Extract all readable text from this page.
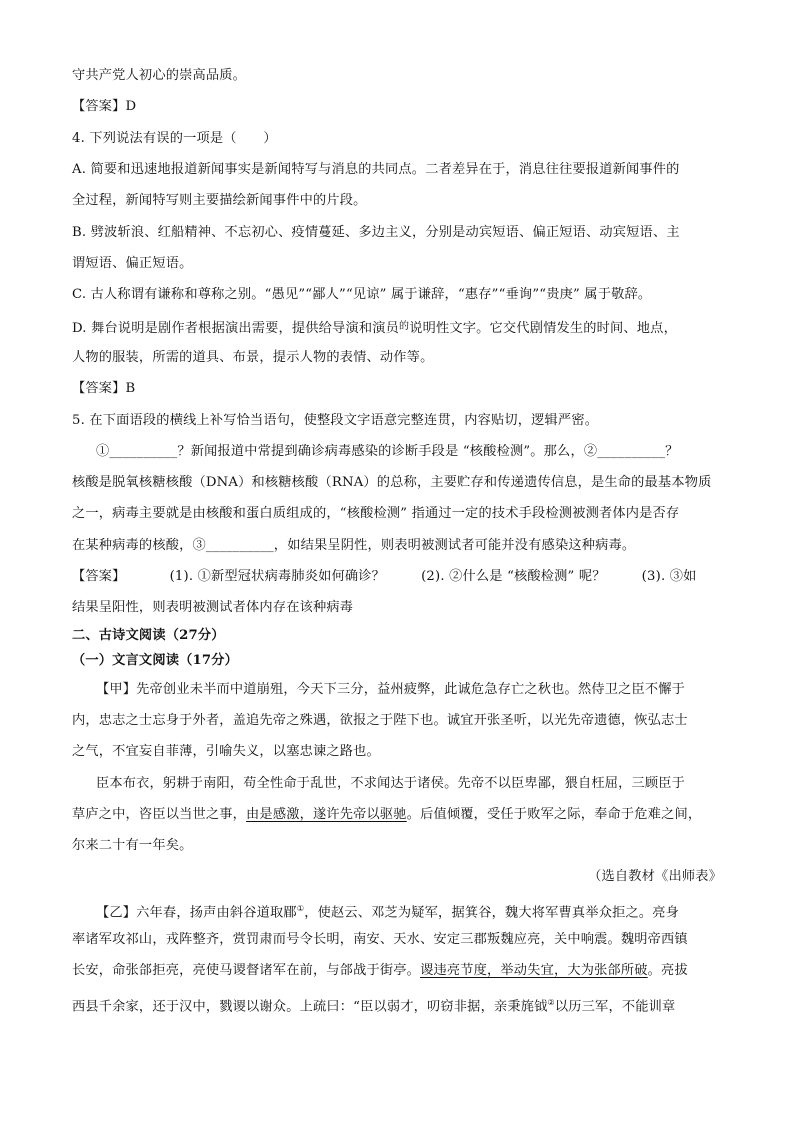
守共产党人初心的崇高品质。
【答案】D
4. 下列说法有误的一项是（　　）
A. 简要和迅速地报道新闻事实是新闻特写与消息的共同点。二者差异在于，消息往往要报道新闻事件的
全过程，新闻特写则主要描绘新闻事件中的片段。
B. 劈波斩浪、红船精神、不忘初心、疫情蔓延、多边主义，分别是动宾短语、偏正短语、动宾短语、主
谓短语、偏正短语。
C. 古人称谓有谦称和尊称之别。“愚见”“鄙人”“见谅” 属于谦辞，“惠存”“垂询”“贵庚” 属于敬辞。
D. 舞台说明是剧作者根据演出需要，提供给导演和演员$^的$说明性文字。它交代剧情发生的时间、地点，
人物的服装，所需的道具、布景，提示人物的表情、动作等。
【答案】B
5. 在下面语段的横线上补写恰当语句，使整段文字语意完整连贯，内容贴切，逻辑严密。
①__________？新闻报道中常提到确诊病毒感染的诊断手段是 “核酸检测”。那么，②__________？
核酸是脱氧核糖核酸（DNA）和核糖核酸（RNA）的总称，主要贮存和传递遗传信息，是生命的最基本物质
之一，病毒主要就是由核酸和蛋白质组成的，“核酸检测” 指通过一定的技术手段检测被测者体内是否存
在某种病毒的核酸，③__________，如结果呈阴性，则表明被测试者可能并没有感染这种病毒。
【答案】	(1). ①新型冠状病毒肺炎如何确诊？	(2). ②什么是 “核酸检测” 呢？	(3). ③如
结果呈阳性，则表明被测试者体内存在该种病毒
二、古诗文阅读（27分）
（一）文言文阅读（17分）
【甲】先帝创业未半而中道崩殂，今天下三分，益州疲弊，此诚危急存亡之秋也。然侍卫之臣不懈于
内，忠志之士忘身于外者，盖追先帝之殊遇，欲报之于陛下也。诚宜开张圣听，以光先帝遗德，恢弘志士
之气，不宜妄自菲薄，引喻失义，以塞忠谏之路也。
臣本布衣，躬耕于南阳，苟全性命于乱世，不求闻达于诸侯。先帝不以臣卑鄙，猥自枉屈，三顾臣于
草庐之中，咨臣以当世之事，由是感激，遂许先帝以驱驰。后值倾覆，受任于败军之际，奉命于危难之间，
尔来二十有一年矣。
（选自教材《出师表》
【乙】六年春，扬声由斜谷道取郿①，使赵云、邓芝为疑军，据箕谷，魏大将军曹真举众拒之。亮身
率诸军攻祁山，戎阵整齐，赏罚肃而号令长明，南安、天水、安定三郡叛魏应亮，关中响震。魏明帝西镇
长安，命张郃拒亮，亮使马谡督诸军在前，与郃战于街亭。谡违亮节度，举动失宜，大为张郃所破。亮拔
西县千余家，还于汉中，戮谡以谢众。上疏曰：“臣以弱才，叨窃非据，亲秉旄钺②以历三军，不能训章
